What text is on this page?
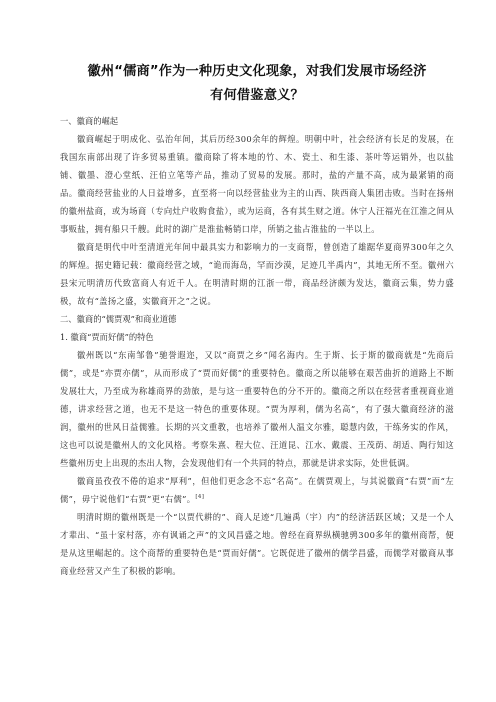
徽州“儒商”作为一种历史文化现象，对我们发展市场经济
有何借鉴意义？

一、徽商的崛起

徽商崛起于明成化、弘治年间，其后历经300余年的辉煌。明朝中叶，社会经济有长足的发展，在我国东南部出现了许多贸易重镇。徽商除了将本地的竹、木、瓷土、和生漆、茶叶等运销外，也以盐铺、徽墨、澄心堂纸、汪伯立笔等产品，推动了贸易的发展。那时，盐的产量不高，成为最紧销的商品。徽商经营盐业的人日益增多，直至将一向以经营盐业为主的山西、陕西商人集团击败。当时在扬州的徽州盐商，或为场商（专向灶户收购食盐），或为运商，各有其生财之道。休宁人汪福光在江淮之间从事贩盐，拥有船只千艘。此时的湖广是淮盐畅销口岸，所销之盐占淮盐的一半以上。

徽商是明代中叶至清道光年间中最具实力和影响力的一支商帮，曾创造了雄踞华夏商界300年之久的辉煌。据史籍记载：徽商经营之域，“诡而海岛，罕而沙漠，足迹几半禹内”，其地无所不至。徽州六县宋元明清历代致富商人有近千人。在明清时期的江浙一带，商品经济颇为发达，徽商云集，势力盛极，故有“盖扬之盛，实徽商开之”之说。

二、徽商的“儒贾观”和商业道德

1. 徽商“贾而好儒”的特色

徽州既以“东南邹鲁”驰誉遐迩，又以“商贾之乡”闻名海内。生于斯、长于斯的徽商就是“先商后儒”，或是“亦贾亦儒”，从而形成了“贾而好儒”的重要特色。徽商之所以能够在艰苦曲折的道路上不断发展壮大，乃至成为称雄商界的劲旅，是与这一重要特色的分不开的。徽商之所以在经营者重视商业道德，讲求经营之道，也无不是这一特色的重要体现。“贾为厚利，儒为名高”，有了强大徽商经济的滋润，徽州的世风日益儒雅。长期的兴文重教，也培养了徽州人温文尔雅，聪慧内敛，干练务实的作风，这也可以说是徽州人的文化风格。考察朱熹、程大位、汪道昆、江水、戴震、王茂荫、胡适、陶行知这些徽州历史上出现的杰出人物，会发现他们有一个共同的特点，那就是讲求实际，处世低调。

徽商虽孜孜不倦的追求“厚利”，但他们更念念不忘“名高”。在儒贾观上，与其说徽商“右贾”而“左儒”，毋宁说他们“右贾”更“右儒”。[4]

明清时期的徽州既是一个“以贾代耕的”、商人足迹“几遍禹（宇）内”的经济活跃区域；又是一个人才辈出、“虽十家村落，亦有讽诵之声”的文风昌盛之地。曾经在商界纵横驰骋300多年的徽州商帮，便是从这里崛起的。这个商帮的重要特色是“贾而好儒”。它既促进了徽州的儒学昌盛，而儒学对徽商从事商业经营又产生了积极的影响。
